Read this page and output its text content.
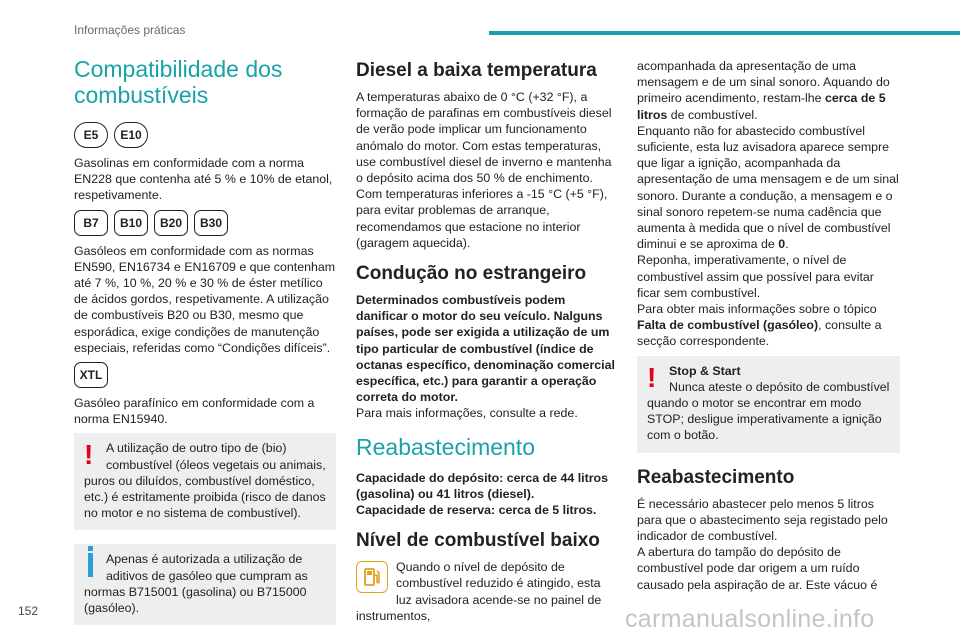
Informações práticas
Compatibilidade dos combustíveis
E5	E10

Gasolinas em conformidade com a norma EN228 que contenha até 5 % e 10% de etanol, respetivamente.

B7	B10	B20	B30

Gasóleos em conformidade com as normas EN590, EN16734 e EN16709 e que contenham até 7 %, 10 %, 20 % e 30 % de éster metílico de ácidos gordos, respetivamente. A utilização de combustíveis B20 ou B30, mesmo que esporádica, exige condições de manutenção especiais, referidas como “Condições difíceis”.

XTL

Gasóleo parafínico em conformidade com a norma EN15940.

!	A utilização de outro tipo de (bio) combustível (óleos vegetais ou animais, puros ou diluídos, combustível doméstico, etc.) é estritamente proibida (risco de danos no motor e no sistema de combustível).
Apenas é autorizada a utilização de aditivos de gasóleo que cumpram as normas B715001 (gasolina) ou B715000 (gasóleo).
Diesel a baixa temperatura

A temperaturas abaixo de 0 °C (+32 °F), a formação de parafinas em combustíveis diesel de verão pode implicar um funcionamento anómalo do motor. Com estas temperaturas, use combustível diesel de inverno e mantenha o depósito acima dos 50 % de enchimento.

Com temperaturas inferiores a -15 °C (+5 °F), para evitar problemas de arranque, recomendamos que estacione no interior (garagem aquecida).

Condução no estrangeiro

Determinados combustíveis podem danificar o motor do seu veículo. Nalguns países, pode ser exigida a utilização de um tipo particular de combustível (índice de octanas específico, denominação comercial específica, etc.) para garantir a operação correta do motor.

Para mais informações, consulte a rede.

Reabastecimento

Capacidade do depósito: cerca de 44 litros (gasolina) ou 41 litros (diesel).

Capacidade de reserva: cerca de 5 litros.

Nível de combustível baixo
Quando o nível de depósito de combustível reduzido é atingido, esta luz avisadora acende-se no painel de instrumentos,

acompanhada da apresentação de uma mensagem e de um sinal sonoro. Aquando do primeiro acendimento, restam-lhe cerca de 5 litros de combustível.

Enquanto não for abastecido combustível suficiente, esta luz avisadora aparece sempre que ligar a ignição, acompanhada da apresentação de uma mensagem e de um sinal sonoro. Durante a condução, a mensagem e o sinal sonoro repetem-se numa cadência que aumenta à medida que o nível de combustível diminui e se aproxima de 0.

Reponha, imperativamente, o nível de combustível assim que possível para evitar ficar sem combustível.

Para obter mais informações sobre o tópico Falta de combustível (gasóleo), consulte a secção correspondente.

!	Stop & Start
Nunca ateste o depósito de combustível quando o motor se encontrar em modo STOP; desligue imperativamente a ignição com o botão.
Reabastecimento

É necessário abastecer pelo menos 5 litros para que o abastecimento seja registado pelo indicador de combustível.

A abertura do tampão do depósito de combustível pode dar origem a um ruído causado pela aspiração de ar. Este vácuo é

152	carmanualsonline.info
